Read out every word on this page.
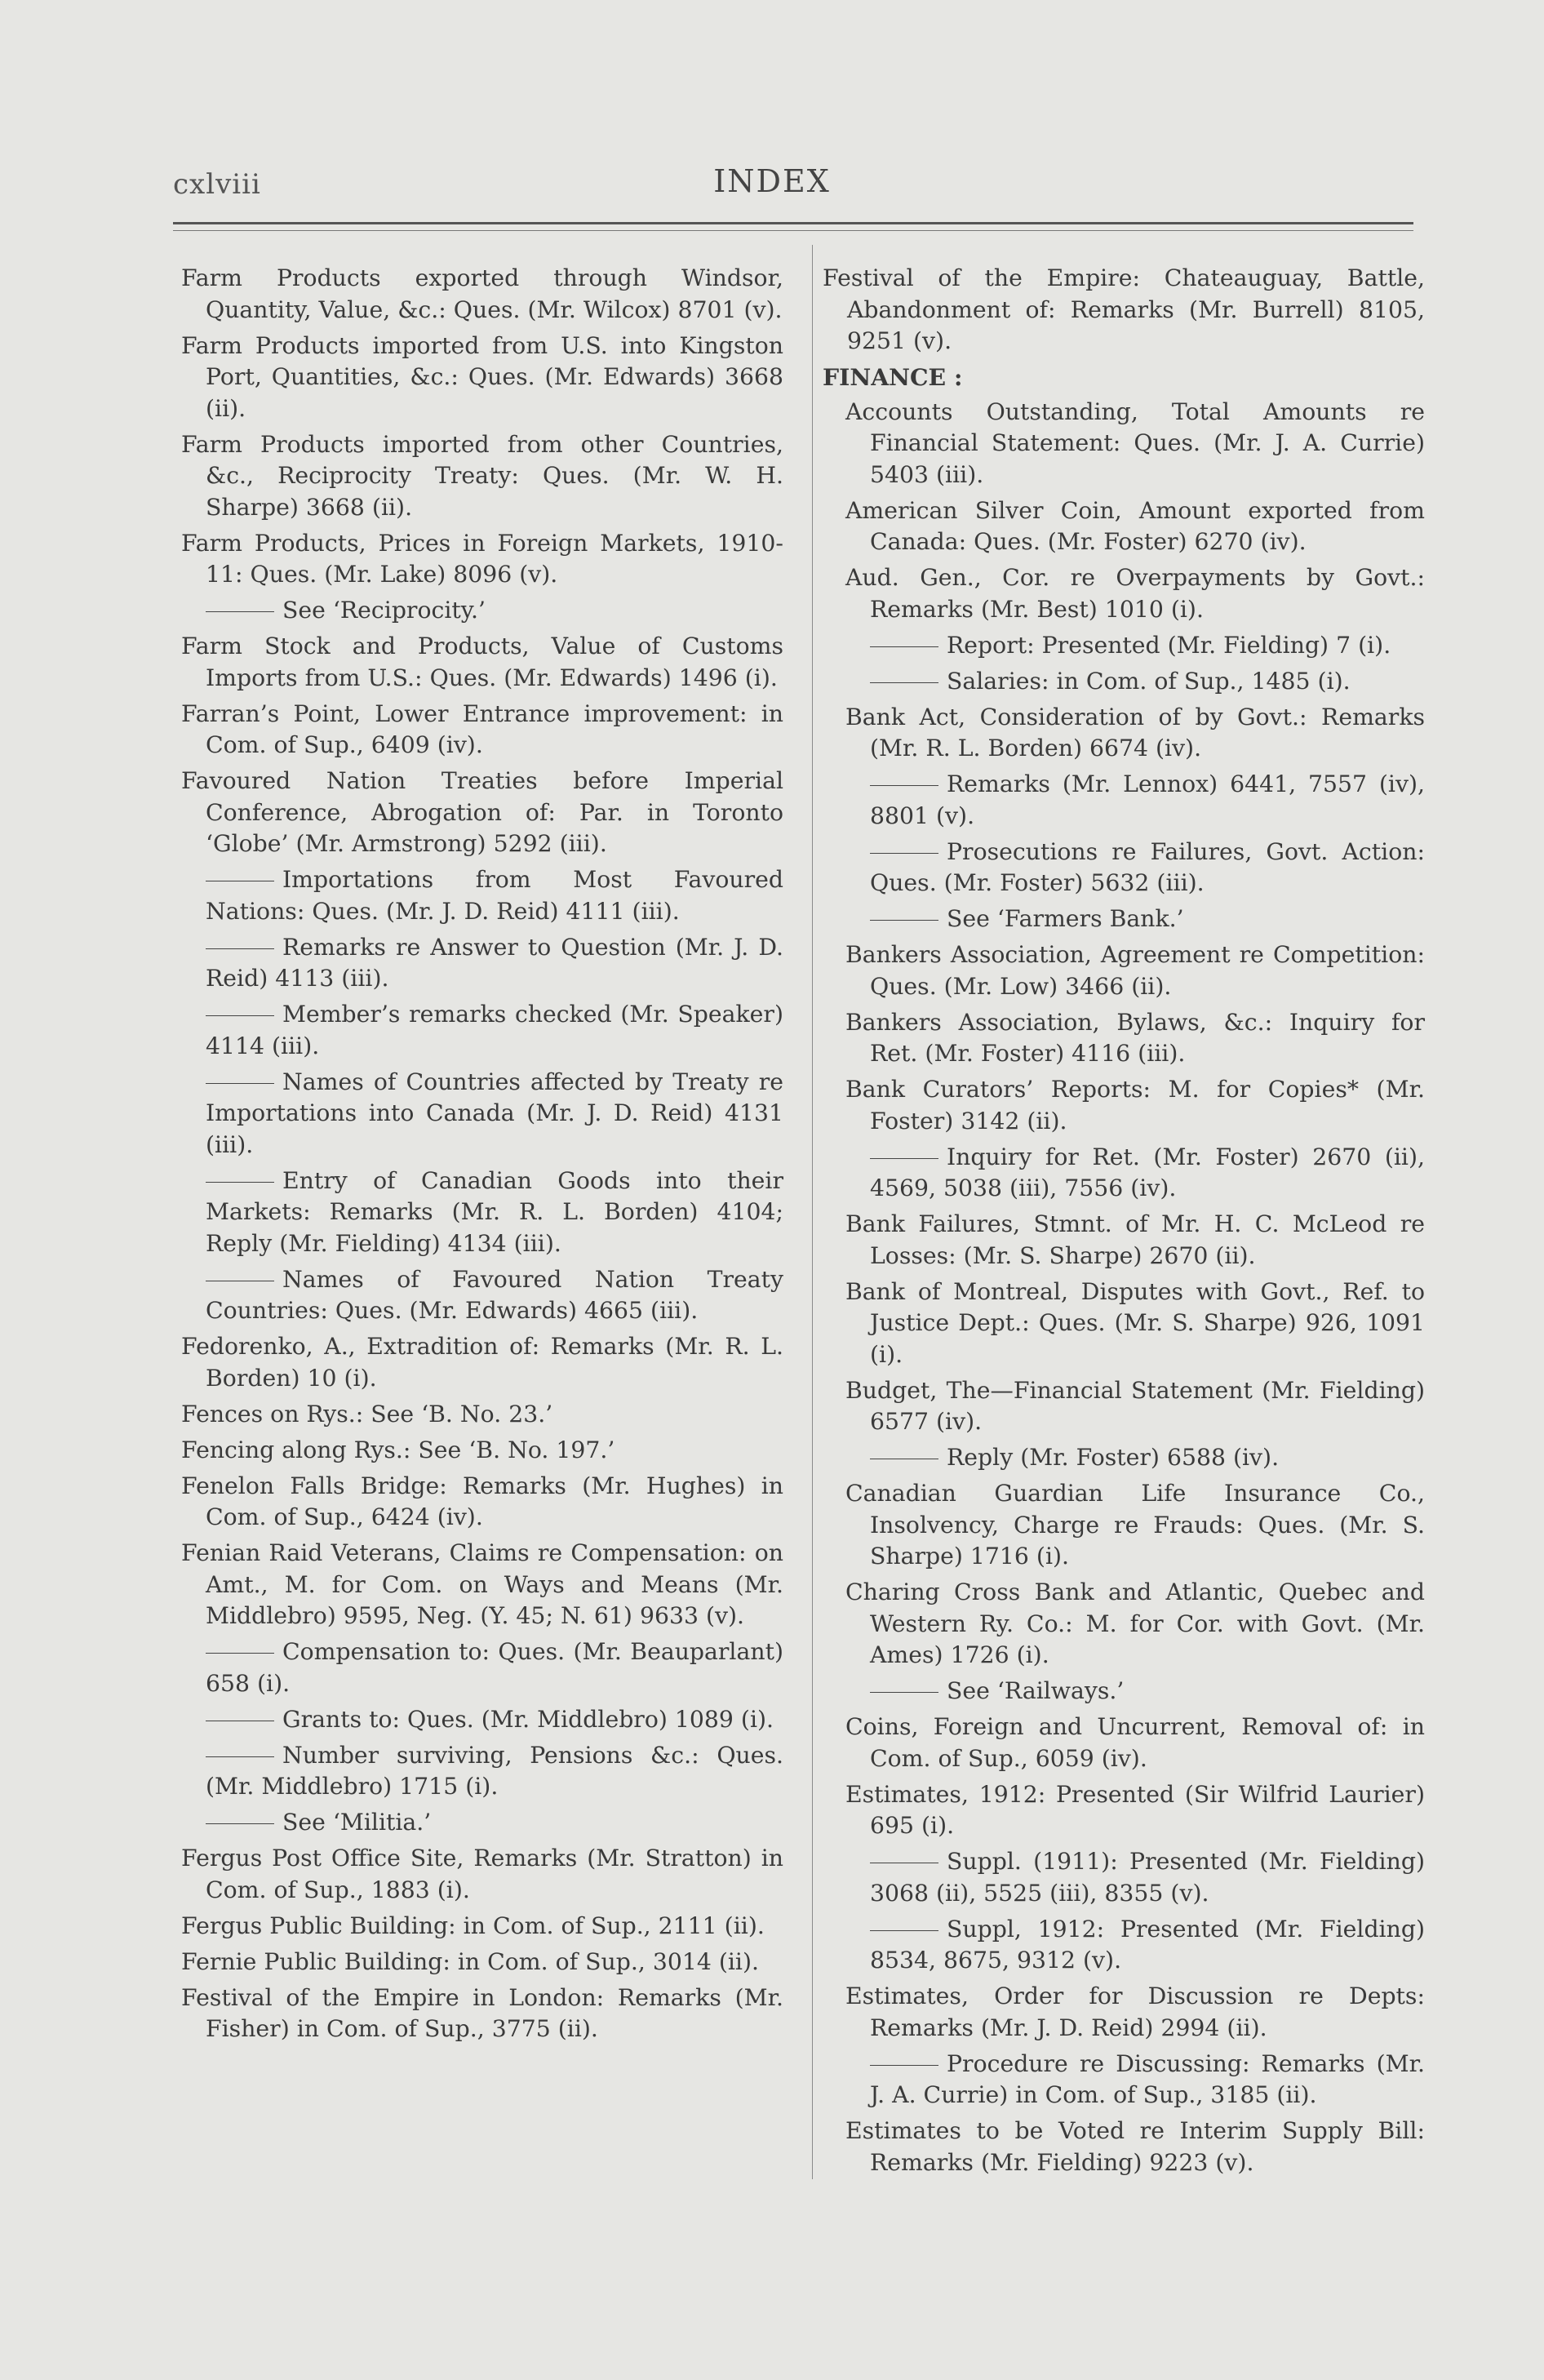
cxlviii	INDEX

Farm Products exported through Windsor, Quantity, Value, &c.: Ques. (Mr. Wilcox) 8701 (v).

Farm Products imported from U.S. into Kingston Port, Quantities, &c.: Ques. (Mr. Edwards) 3668 (ii).

Farm Products imported from other Countries, &c., Reciprocity Treaty: Ques. (Mr. W. H. Sharpe) 3668 (ii).

Farm Products, Prices in Foreign Markets, 1910-11: Ques. (Mr. Lake) 8096 (v).

See ‘Reciprocity.’

Farm Stock and Products, Value of Customs Imports from U.S.: Ques. (Mr. Edwards) 1496 (i).

Farran’s Point, Lower Entrance improvement: in Com. of Sup., 6409 (iv).

Favoured Nation Treaties before Imperial Conference, Abrogation of: Par. in Toronto ‘Globe’ (Mr. Armstrong) 5292 (iii).

Importations from Most Favoured Nations: Ques. (Mr. J. D. Reid) 4111 (iii).

Remarks re Answer to Question (Mr. J. D. Reid) 4113 (iii).

Member’s remarks checked (Mr. Speaker) 4114 (iii).

Names of Countries affected by Treaty re Importations into Canada (Mr. J. D. Reid) 4131 (iii).

Entry of Canadian Goods into their Markets: Remarks (Mr. R. L. Borden) 4104; Reply (Mr. Fielding) 4134 (iii).

Names of Favoured Nation Treaty Countries: Ques. (Mr. Edwards) 4665 (iii).

Fedorenko, A., Extradition of: Remarks (Mr. R. L. Borden) 10 (i).

Fences on Rys.: See ‘B. No. 23.’

Fencing along Rys.: See ‘B. No. 197.’

Fenelon Falls Bridge: Remarks (Mr. Hughes) in Com. of Sup., 6424 (iv).

Fenian Raid Veterans, Claims re Compensation: on Amt., M. for Com. on Ways and Means (Mr. Middlebro) 9595, Neg. (Y. 45; N. 61) 9633 (v).

Compensation to: Ques. (Mr. Beauparlant) 658 (i).

Grants to: Ques. (Mr. Middlebro) 1089 (i).

Number surviving, Pensions &c.: Ques. (Mr. Middlebro) 1715 (i).

See ‘Militia.’

Fergus Post Office Site, Remarks (Mr. Stratton) in Com. of Sup., 1883 (i).

Fergus Public Building: in Com. of Sup., 2111 (ii).

Fernie Public Building: in Com. of Sup., 3014 (ii).

Festival of the Empire in London: Remarks (Mr. Fisher) in Com. of Sup., 3775 (ii).

Festival of the Empire: Chateauguay, Battle, Abandonment of: Remarks (Mr. Burrell) 8105, 9251 (v).

FINANCE :

Accounts Outstanding, Total Amounts re Financial Statement: Ques. (Mr. J. A. Currie) 5403 (iii).

American Silver Coin, Amount exported from Canada: Ques. (Mr. Foster) 6270 (iv).

Aud. Gen., Cor. re Overpayments by Govt.: Remarks (Mr. Best) 1010 (i).

Report: Presented (Mr. Fielding) 7 (i).

Salaries: in Com. of Sup., 1485 (i).

Bank Act, Consideration of by Govt.: Remarks (Mr. R. L. Borden) 6674 (iv).

Remarks (Mr. Lennox) 6441, 7557 (iv), 8801 (v).

Prosecutions re Failures, Govt. Action: Ques. (Mr. Foster) 5632 (iii).

See ‘Farmers Bank.’

Bankers Association, Agreement re Competition: Ques. (Mr. Low) 3466 (ii).

Bankers Association, Bylaws, &c.: Inquiry for Ret. (Mr. Foster) 4116 (iii).

Bank Curators’ Reports: M. for Copies* (Mr. Foster) 3142 (ii).

Inquiry for Ret. (Mr. Foster) 2670 (ii), 4569, 5038 (iii), 7556 (iv).

Bank Failures, Stmnt. of Mr. H. C. McLeod re Losses: (Mr. S. Sharpe) 2670 (ii).

Bank of Montreal, Disputes with Govt., Ref. to Justice Dept.: Ques. (Mr. S. Sharpe) 926, 1091 (i).

Budget, The—Financial Statement (Mr. Fielding) 6577 (iv).

Reply (Mr. Foster) 6588 (iv).

Canadian Guardian Life Insurance Co., Insolvency, Charge re Frauds: Ques. (Mr. S. Sharpe) 1716 (i).

Charing Cross Bank and Atlantic, Quebec and Western Ry. Co.: M. for Cor. with Govt. (Mr. Ames) 1726 (i).

See ‘Railways.’

Coins, Foreign and Uncurrent, Removal of: in Com. of Sup., 6059 (iv).

Estimates, 1912: Presented (Sir Wilfrid Laurier) 695 (i).

Suppl. (1911): Presented (Mr. Fielding) 3068 (ii), 5525 (iii), 8355 (v).

Suppl, 1912: Presented (Mr. Fielding) 8534, 8675, 9312 (v).

Estimates, Order for Discussion re Depts: Remarks (Mr. J. D. Reid) 2994 (ii).

Procedure re Discussing: Remarks (Mr. J. A. Currie) in Com. of Sup., 3185 (ii).

Estimates to be Voted re Interim Supply Bill: Remarks (Mr. Fielding) 9223 (v).
